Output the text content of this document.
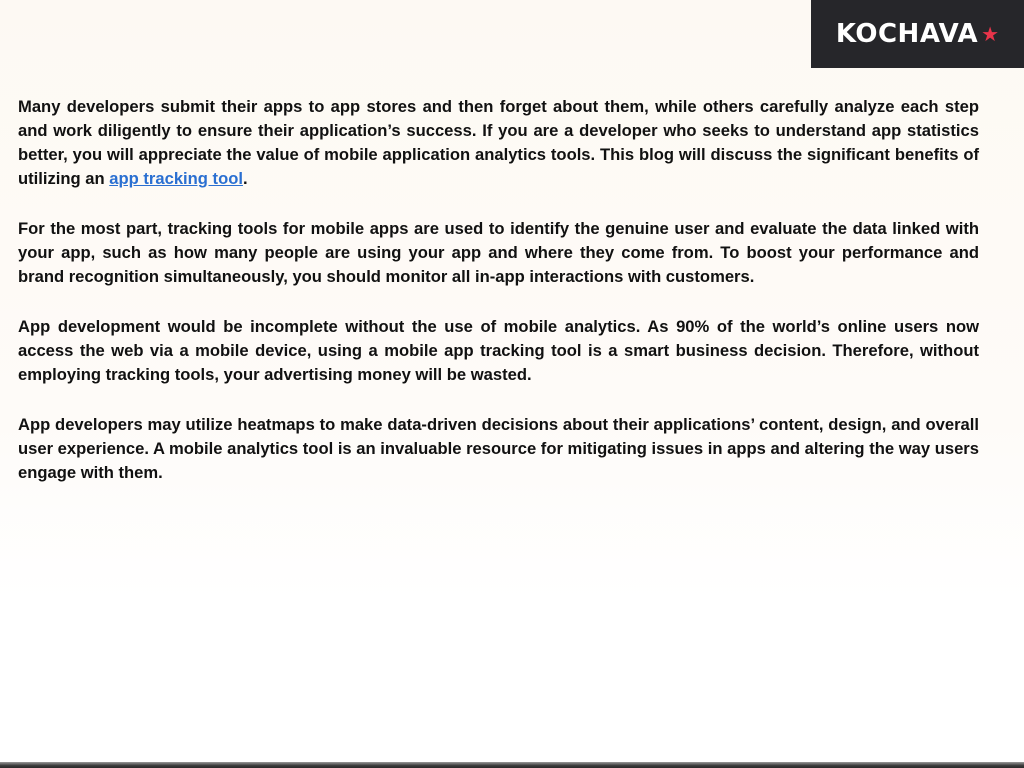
KOCHAVA ★

Many developers submit their apps to app stores and then forget about them, while others carefully analyze each step and work diligently to ensure their application’s success. If you are a developer who seeks to understand app statistics better, you will appreciate the value of mobile application analytics tools. This blog will discuss the significant benefits of utilizing an app tracking tool.

For the most part, tracking tools for mobile apps are used to identify the genuine user and evaluate the data linked with your app, such as how many people are using your app and where they come from. To boost your performance and brand recognition simultaneously, you should monitor all in-app interactions with customers.

App development would be incomplete without the use of mobile analytics. As 90% of the world’s online users now access the web via a mobile device, using a mobile app tracking tool is a smart business decision. Therefore, without employing tracking tools, your advertising money will be wasted.

App developers may utilize heatmaps to make data-driven decisions about their applications’ content, design, and overall user experience. A mobile analytics tool is an invaluable resource for mitigating issues in apps and altering the way users engage with them.
